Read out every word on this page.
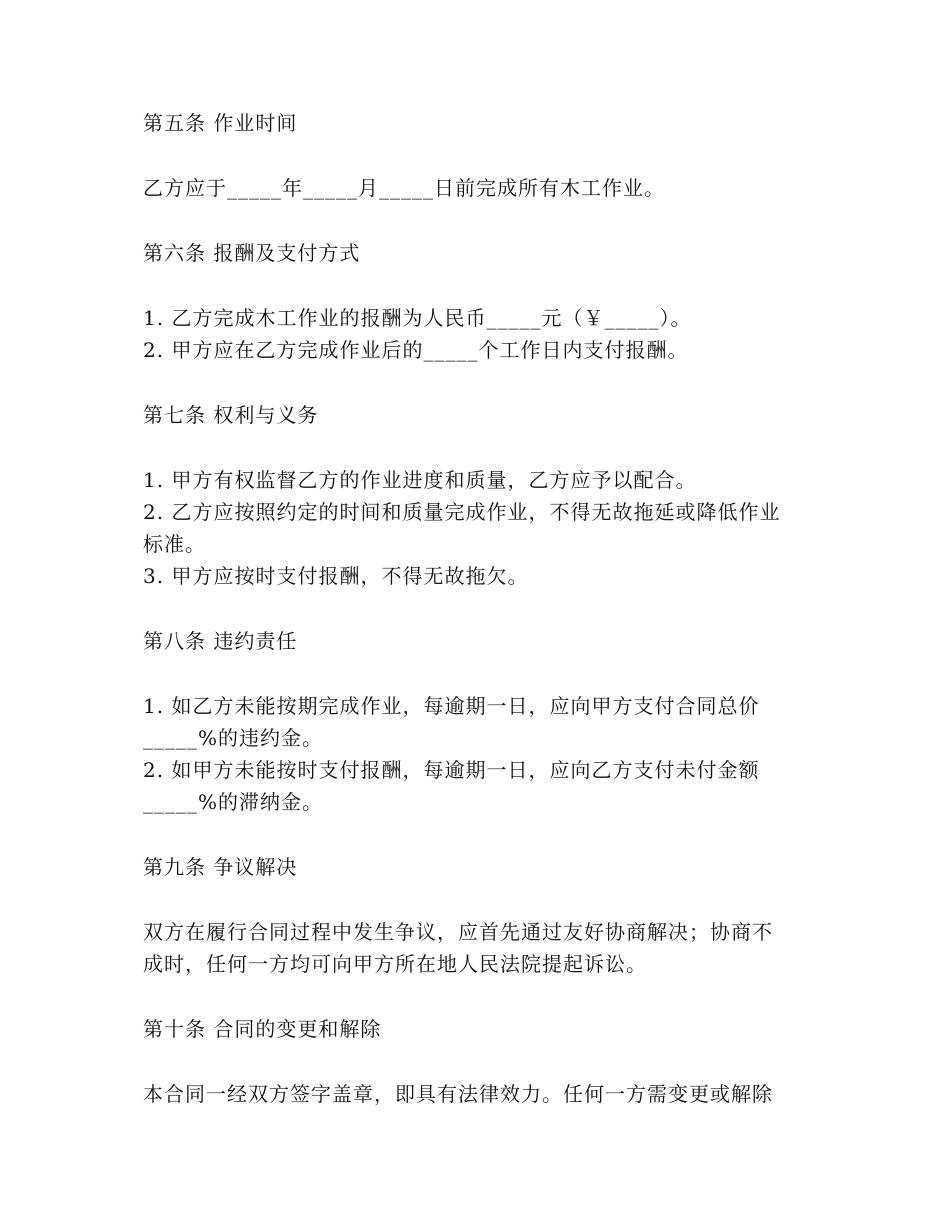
第五条 作业时间
乙方应于_____年_____月_____日前完成所有木工作业。
第六条 报酬及支付方式
1. 乙方完成木工作业的报酬为人民币_____元（￥_____）。
2. 甲方应在乙方完成作业后的_____个工作日内支付报酬。
第七条 权利与义务
1. 甲方有权监督乙方的作业进度和质量，乙方应予以配合。
2. 乙方应按照约定的时间和质量完成作业，不得无故拖延或降低作业
标准。
3. 甲方应按时支付报酬，不得无故拖欠。
第八条 违约责任
1. 如乙方未能按期完成作业，每逾期一日，应向甲方支付合同总价
_____%的违约金。
2. 如甲方未能按时支付报酬，每逾期一日，应向乙方支付未付金额
_____%的滞纳金。
第九条 争议解决
双方在履行合同过程中发生争议，应首先通过友好协商解决；协商不
成时，任何一方均可向甲方所在地人民法院提起诉讼。
第十条 合同的变更和解除
本合同一经双方签字盖章，即具有法律效力。任何一方需变更或解除
